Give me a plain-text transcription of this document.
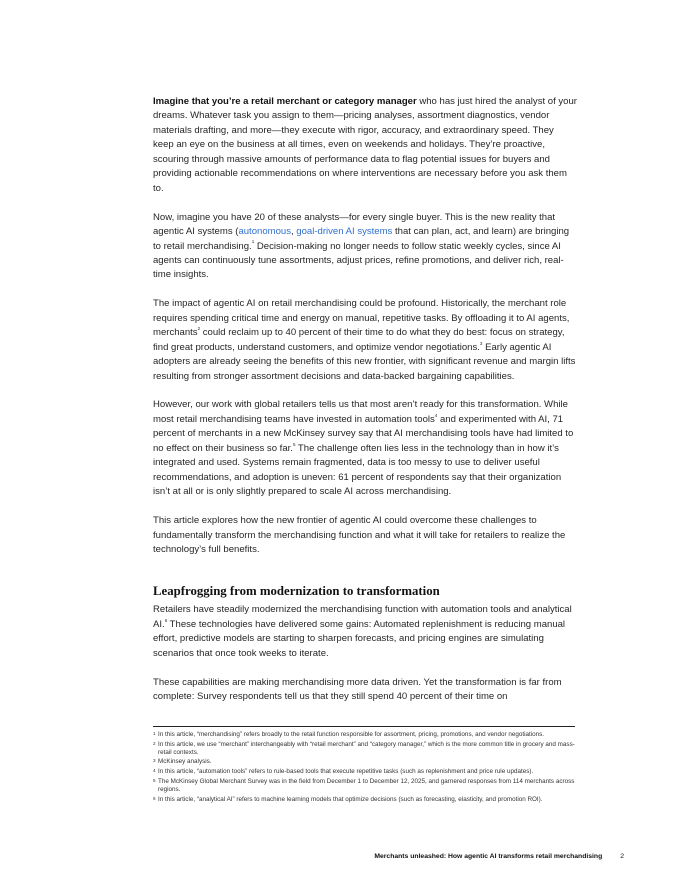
Imagine that you’re a retail merchant or category manager who has just hired the analyst of your dreams. Whatever task you assign to them—pricing analyses, assortment diagnostics, vendor materials drafting, and more—they execute with rigor, accuracy, and extraordinary speed. They keep an eye on the business at all times, even on weekends and holidays. They’re proactive, scouring through massive amounts of performance data to flag potential issues for buyers and providing actionable recommendations on where interventions are necessary before you ask them to.

Now, imagine you have 20 of these analysts—for every single buyer. This is the new reality that agentic AI systems (autonomous, goal-driven AI systems that can plan, act, and learn) are bringing to retail merchandising.$^1$ Decision-making no longer needs to follow static weekly cycles, since AI agents can continuously tune assortments, adjust prices, refine promotions, and deliver rich, real-time insights.

The impact of agentic AI on retail merchandising could be profound. Historically, the merchant role requires spending critical time and energy on manual, repetitive tasks. By offloading it to AI agents, merchants$^2$ could reclaim up to 40 percent of their time to do what they do best: focus on strategy, find great products, understand customers, and optimize vendor negotiations.$^3$ Early agentic AI adopters are already seeing the benefits of this new frontier, with significant revenue and margin lifts resulting from stronger assortment decisions and data-backed bargaining capabilities.

However, our work with global retailers tells us that most aren’t ready for this transformation. While most retail merchandising teams have invested in automation tools$^4$ and experimented with AI, 71 percent of merchants in a new McKinsey survey say that AI merchandising tools have had limited to no effect on their business so far.$^5$ The challenge often lies less in the technology than in how it’s integrated and used. Systems remain fragmented, data is too messy to use to deliver useful recommendations, and adoption is uneven: 61 percent of respondents say that their organization isn’t at all or is only slightly prepared to scale AI across merchandising.

This article explores how the new frontier of agentic AI could overcome these challenges to fundamentally transform the merchandising function and what it will take for retailers to realize the technology’s full benefits.

Leapfrogging from modernization to transformation

Retailers have steadily modernized the merchandising function with automation tools and analytical AI.$^6$ These technologies have delivered some gains: Automated replenishment is reducing manual effort, predictive models are starting to sharpen forecasts, and pricing engines are simulating scenarios that once took weeks to iterate.

These capabilities are making merchandising more data driven. Yet the transformation is far from complete: Survey respondents tell us that they still spend 40 percent of their time on

1 In this article, “merchandising” refers broadly to the retail function responsible for assortment, pricing, promotions, and vendor negotiations.
2 In this article, we use “merchant” interchangeably with “retail merchant” and “category manager,” which is the more common title in grocery and mass-retail contexts.
3 McKinsey analysis.
4 In this article, “automation tools” refers to rule-based tools that execute repetitive tasks (such as replenishment and price rule updates).
5 The McKinsey Global Merchant Survey was in the field from December 1 to December 12, 2025, and garnered responses from 114 merchants across regions.
6 In this article, “analytical AI” refers to machine learning models that optimize decisions (such as forecasting, elasticity, and promotion ROI).
Merchants unleashed: How agentic AI transforms retail merchandising	2
